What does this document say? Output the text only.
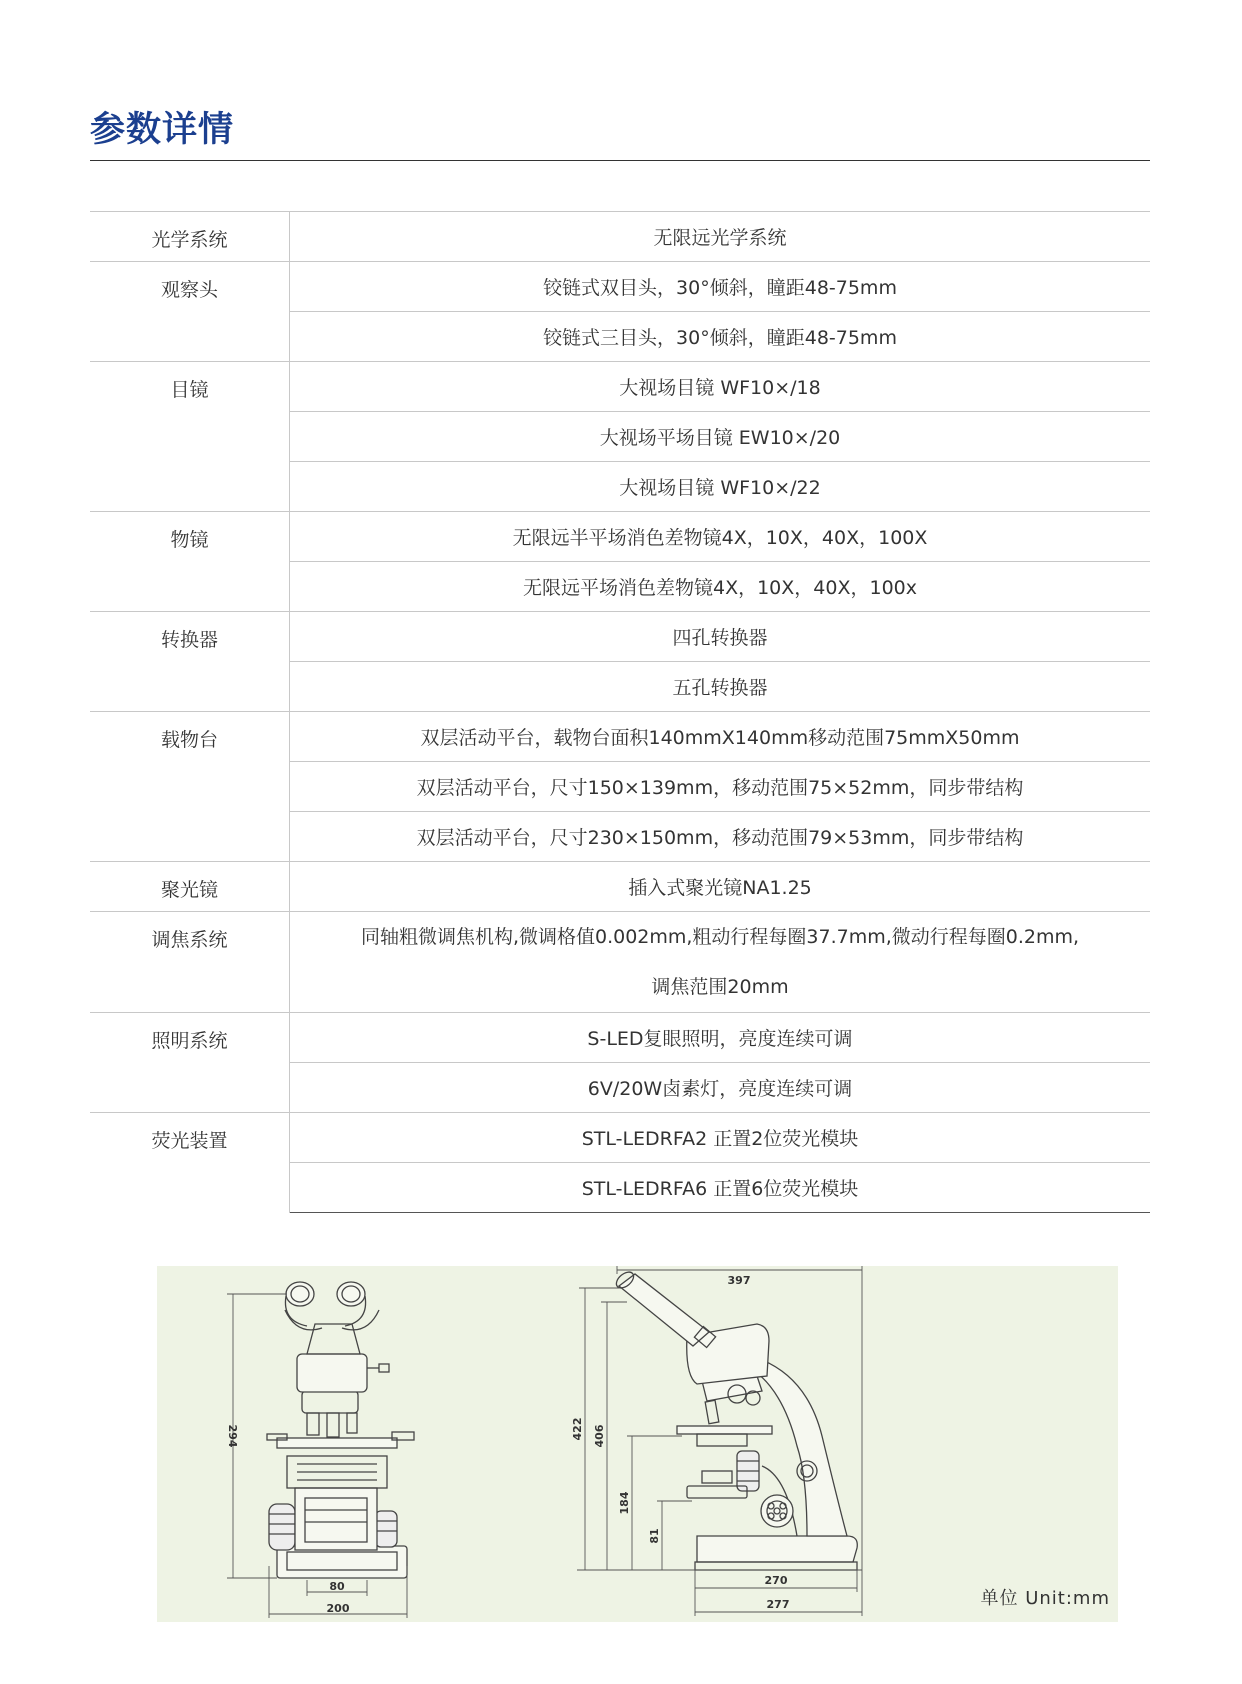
参数详情
光学系统	无限远光学系统
观察头	铰链式双目头，30°倾斜，瞳距48-75mm
	铰链式三目头，30°倾斜，瞳距48-75mm
目镜	大视场目镜 WF10×/18
	大视场平场目镜 EW10×/20
	大视场目镜 WF10×/22
物镜	无限远半平场消色差物镜4X，10X，40X，100X
	无限远平场消色差物镜4X，10X，40X，100x
转换器	四孔转换器
	五孔转换器
载物台	双层活动平台，载物台面积140mmX140mm移动范围75mmX50mm
	双层活动平台，尺寸150×139mm，移动范围75×52mm，同步带结构
	双层活动平台，尺寸230×150mm，移动范围79×53mm，同步带结构
聚光镜	插入式聚光镜NA1.25
调焦系统	同轴粗微调焦机构,微调格值0.002mm,粗动行程每圈37.7mm,微动行程每圈0.2mm,
调焦范围20mm

照明系统	S-LED复眼照明，亮度连续可调
	6V/20W卤素灯，亮度连续可调
荧光装置	STL-LEDRFA2 正置2位荧光模块
	STL-LEDRFA6 正置6位荧光模块
294
80
200
397
422 406
184
81
270
277	单位 Unit:mm
